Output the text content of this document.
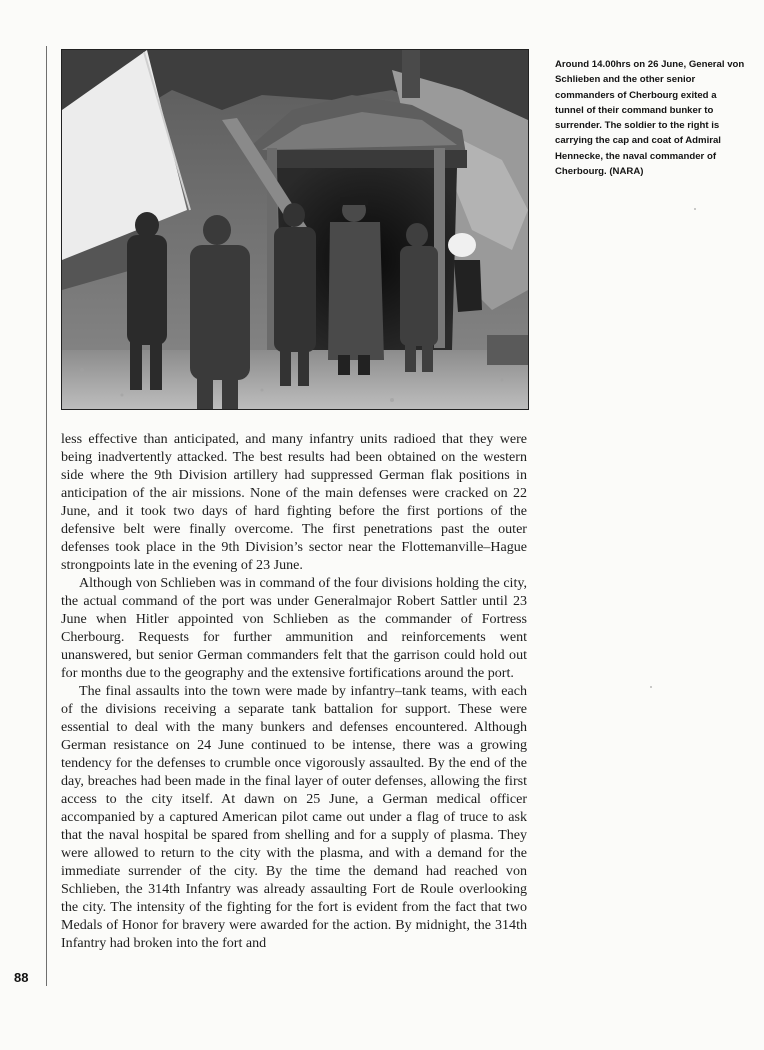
Around 14.00hrs on 26 June, General von Schlieben and the other senior commanders of Cherbourg exited a tunnel of their command bunker to surrender. The soldier to the right is carrying the cap and coat of Admiral Hennecke, the naval commander of Cherbourg. (NARA)

less effective than anticipated, and many infantry units radioed that they were being inadvertently attacked. The best results had been obtained on the western side where the 9th Division artillery had suppressed German flak positions in anticipation of the air missions. None of the main defenses were cracked on 22 June, and it took two days of hard fighting before the first portions of the defensive belt were finally overcome. The first penetrations past the outer defenses took place in the 9th Division’s sector near the Flottemanville–Hague strongpoints late in the evening of 23 June.

Although von Schlieben was in command of the four divisions holding the city, the actual command of the port was under Generalmajor Robert Sattler until 23 June when Hitler appointed von Schlieben as the commander of Fortress Cherbourg. Requests for further ammunition and reinforcements went unanswered, but senior German commanders felt that the garrison could hold out for months due to the geography and the extensive fortifications around the port.

The final assaults into the town were made by infantry–tank teams, with each of the divisions receiving a separate tank battalion for support. These were essential to deal with the many bunkers and defenses encountered. Although German resistance on 24 June continued to be intense, there was a growing tendency for the defenses to crumble once vigorously assaulted. By the end of the day, breaches had been made in the final layer of outer defenses, allowing the first access to the city itself. At dawn on 25 June, a German medical officer accompanied by a captured American pilot came out under a flag of truce to ask that the naval hospital be spared from shelling and for a supply of plasma. They were allowed to return to the city with the plasma, and with a demand for the immediate surrender of the city. By the time the demand had reached von Schlieben, the 314th Infantry was already assaulting Fort de Roule overlooking the city. The intensity of the fighting for the fort is evident from the fact that two Medals of Honor for bravery were awarded for the action. By midnight, the 314th Infantry had broken into the fort and

88
